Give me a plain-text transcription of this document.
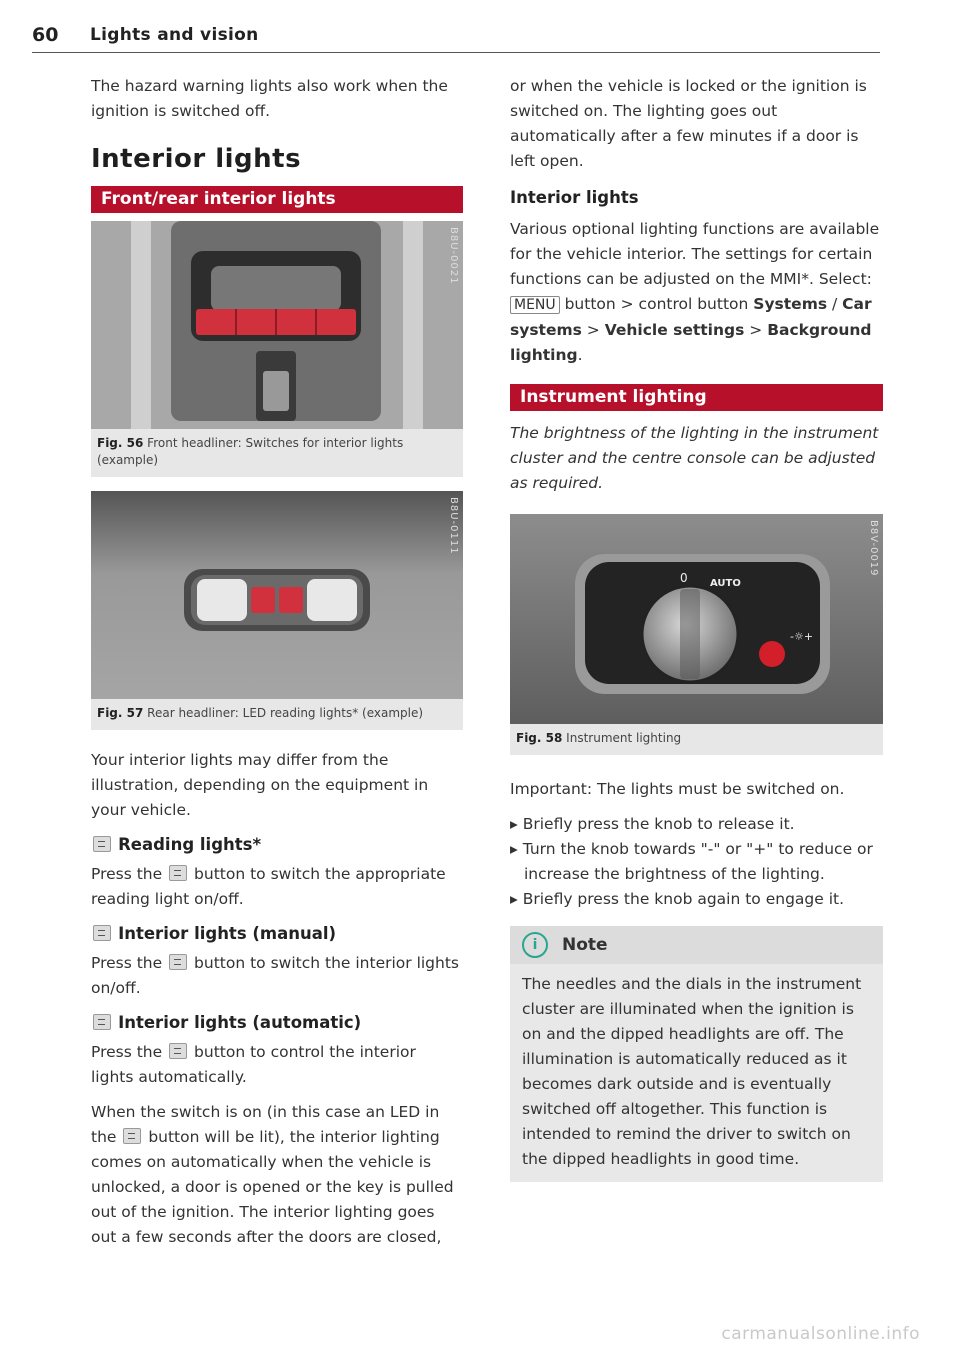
60 Lights and vision

The hazard warning lights also work when the ignition is switched off.

Interior lights
Front/rear interior lights
B8U-0021
Fig. 56 Front headliner: Switches for interior lights (example)
B8U-0111
Fig. 57 Rear headliner: LED reading lights* (example)

Your interior lights may differ from the illustration, depending on the equipment in your vehicle.

Reading lights*

Press the button to switch the appropriate reading light on/off.

Interior lights (manual)

Press the button to switch the interior lights on/off.

Interior lights (automatic)

Press the button to control the interior lights automatically.

When the switch is on (in this case an LED in the button will be lit), the interior lighting comes on automatically when the vehicle is unlocked, a door is opened or the key is pulled out of the ignition. The interior lighting goes out a few seconds after the doors are closed,

or when the vehicle is locked or the ignition is switched on. The lighting goes out automatically after a few minutes if a door is left open.

Interior lights

Various optional lighting functions are available for the vehicle interior. The settings for certain functions can be adjusted on the MMI*. Select: MENU button > control button Systems / Car systems > Vehicle settings > Background lighting.

Instrument lighting

The brightness of the lighting in the instrument cluster and the centre console can be adjusted as required.

0 AUTO
-☼+
B8V-0019
Fig. 58 Instrument lighting

Important: The lights must be switched on.

▸ Briefly press the knob to release it.

▸ Turn the knob towards "-" or "+" to reduce or increase the brightness of the lighting.

▸ Briefly press the knob again to engage it.

i	Note
The needles and the dials in the instrument cluster are illuminated when the ignition is on and the dipped headlights are off. The illumination is automatically reduced as it becomes dark outside and is eventually switched off altogether. This function is intended to remind the driver to switch on the dipped headlights in good time.
carmanualsonline.info
